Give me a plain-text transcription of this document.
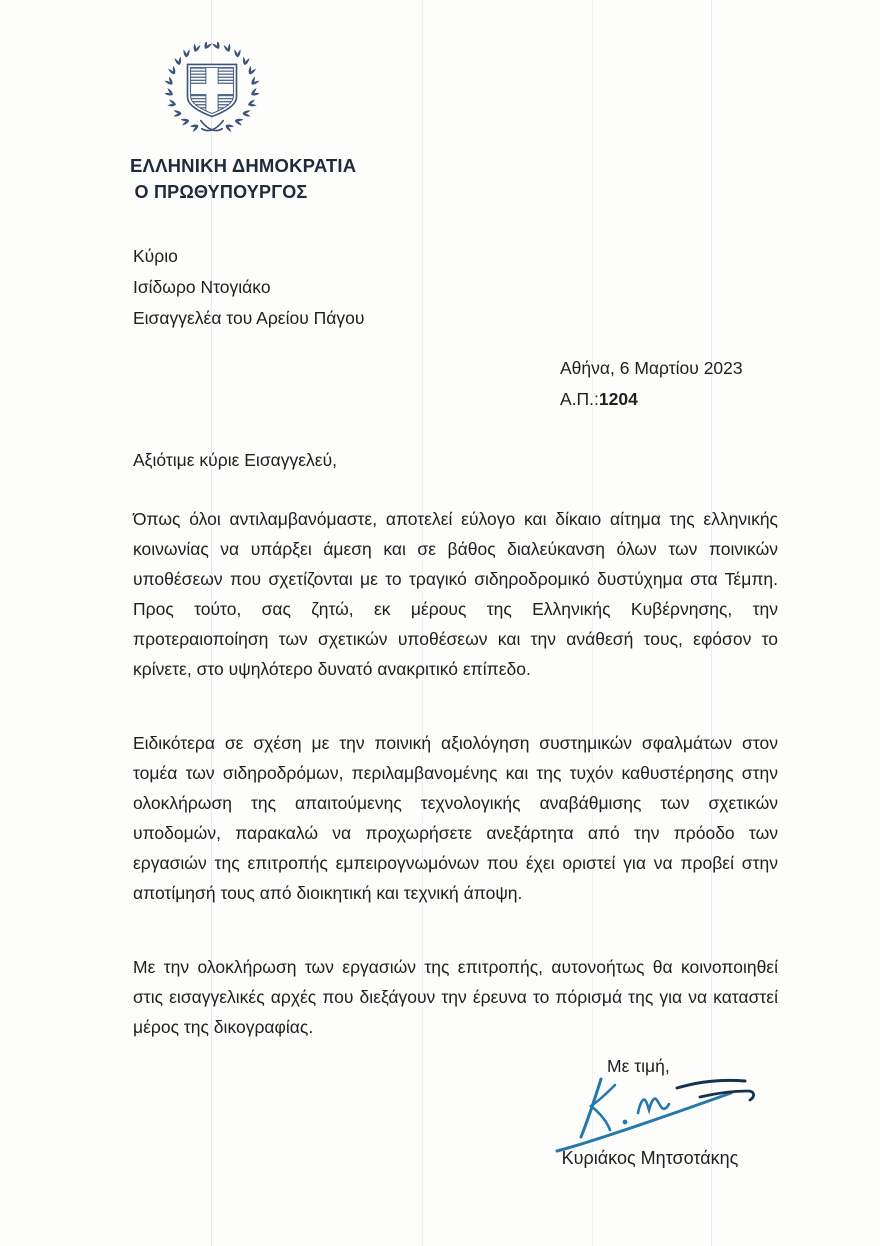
ΕΛΛΗΝΙΚΗ ΔΗΜΟΚΡΑΤΙΑ
Ο ΠΡΩΘΥΠΟΥΡΓΟΣ
Κύριο
Ισίδωρο Ντογιάκο
Εισαγγελέα του Αρείου Πάγου
Αθήνα, 6 Μαρτίου 2023
Α.Π.:1204
Αξιότιμε κύριε Εισαγγελεύ,

Όπως όλοι αντιλαμβανόμαστε, αποτελεί εύλογο και δίκαιο αίτημα της ελληνικής κοινωνίας να υπάρξει άμεση και σε βάθος διαλεύκανση όλων των ποινικών υποθέσεων που σχετίζονται με το τραγικό σιδηροδρομικό δυστύχημα στα Τέμπη. Προς τούτο, σας ζητώ, εκ μέρους της Ελληνικής Κυβέρνησης, την προτεραιοποίηση των σχετικών υποθέσεων και την ανάθεσή τους, εφόσον το κρίνετε, στο υψηλότερο δυνατό ανακριτικό επίπεδο.

Ειδικότερα σε σχέση με την ποινική αξιολόγηση συστημικών σφαλμάτων στον τομέα των σιδηροδρόμων, περιλαμβανομένης και της τυχόν καθυστέρησης στην ολοκλήρωση της απαιτούμενης τεχνολογικής αναβάθμισης των σχετικών υποδομών, παρακαλώ να προχωρήσετε ανεξάρτητα από την πρόοδο των εργασιών της επιτροπής εμπειρογνωμόνων που έχει οριστεί για να προβεί στην αποτίμησή τους από διοικητική και τεχνική άποψη.

Με την ολοκλήρωση των εργασιών της επιτροπής, αυτονοήτως θα κοινοποιηθεί στις εισαγγελικές αρχές που διεξάγουν την έρευνα το πόρισμά της για να καταστεί μέρος της δικογραφίας.

Με τιμή,
Κυριάκος Μητσοτάκης
